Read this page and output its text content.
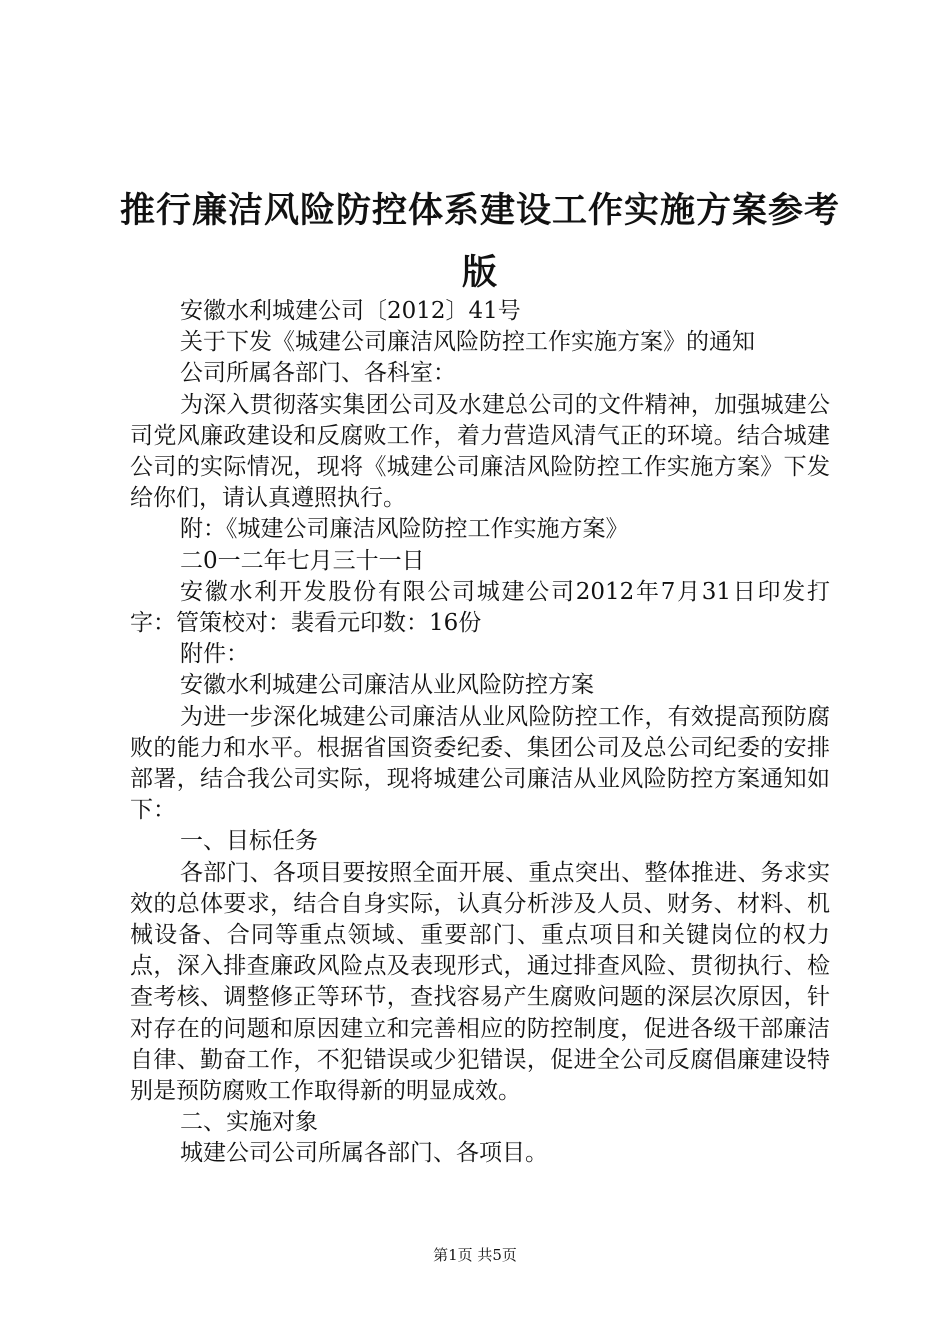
推行廉洁风险防控体系建设工作实施方案参考版

安徽水利城建公司〔2012〕41号

关于下发《城建公司廉洁风险防控工作实施方案》的通知

公司所属各部门、各科室：

为深入贯彻落实集团公司及水建总公司的文件精神，加强城建公司党风廉政建设和反腐败工作，着力营造风清气正的环境。结合城建公司的实际情况，现将《城建公司廉洁风险防控工作实施方案》下发给你们，请认真遵照执行。

附：《城建公司廉洁风险防控工作实施方案》

二0一二年七月三十一日

安徽水利开发股份有限公司城建公司2012年7月31日印发打字：管策校对：裴看元印数：16份

附件：

安徽水利城建公司廉洁从业风险防控方案

为进一步深化城建公司廉洁从业风险防控工作，有效提高预防腐败的能力和水平。根据省国资委纪委、集团公司及总公司纪委的安排部署，结合我公司实际，现将城建公司廉洁从业风险防控方案通知如下：

一、目标任务

各部门、各项目要按照全面开展、重点突出、整体推进、务求实效的总体要求，结合自身实际，认真分析涉及人员、财务、材料、机械设备、合同等重点领域、重要部门、重点项目和关键岗位的权力点，深入排查廉政风险点及表现形式，通过排查风险、贯彻执行、检查考核、调整修正等环节，查找容易产生腐败问题的深层次原因，针对存在的问题和原因建立和完善相应的防控制度，促进各级干部廉洁自律、勤奋工作，不犯错误或少犯错误，促进全公司反腐倡廉建设特别是预防腐败工作取得新的明显成效。

二、实施对象

城建公司公司所属各部门、各项目。

第1页 共5页
